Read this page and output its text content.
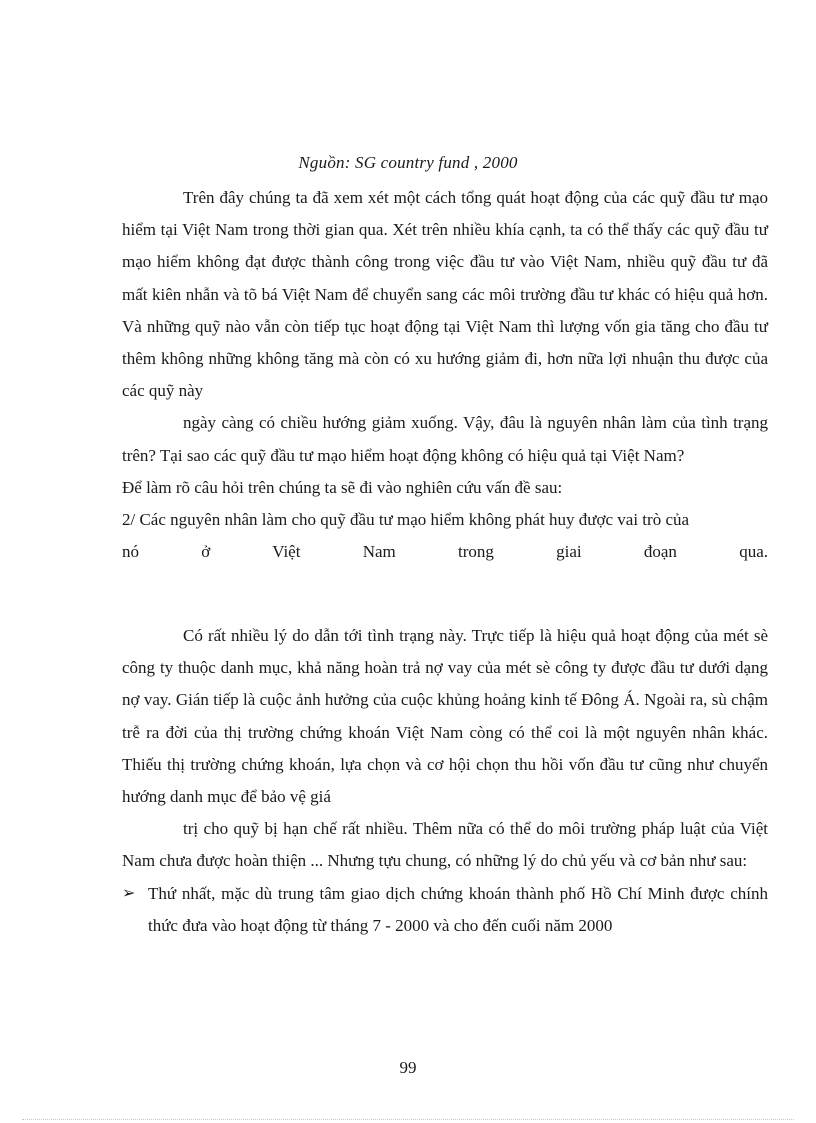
Nguồn: SG country fund , 2000

Trên đây chúng ta đã xem xét một cách tổng quát hoạt động của các quỹ đầu tư mạo hiểm tại Việt Nam trong thời gian qua. Xét trên nhiều khía cạnh, ta có thể thấy các quỹ đầu tư mạo hiểm không đạt được thành công trong việc đầu tư vào Việt Nam, nhiều quỹ đầu tư đã mất kiên nhẫn và tõ bá Việt Nam để chuyển sang các môi trường đầu tư khác có hiệu quả hơn. Và những quỹ nào vẫn còn tiếp tục hoạt động tại Việt Nam thì lượng vốn gia tăng cho đầu tư thêm không những không tăng mà còn có xu hướng giảm đi, hơn nữa lợi nhuận thu được của các quỹ này

ngày càng có chiều hướng giảm xuống. Vậy, đâu là nguyên nhân làm của tình trạng trên? Tại sao các quỹ đầu tư mạo hiểm hoạt động không có hiệu quả tại Việt Nam?

Để làm rõ câu hỏi trên chúng ta sẽ đi vào nghiên cứu vấn đề sau:

2/ Các nguyên nhân làm cho quỹ đầu tư mạo hiểm không phát huy được vai trò của

nó ở Việt Nam trong giai đoạn qua.

Có rất nhiều lý do dẫn tới tình trạng này. Trực tiếp là hiệu quả hoạt động của mét sè công ty thuộc danh mục, khả năng hoàn trả nợ vay của mét sè công ty được đầu tư dưới dạng nợ vay. Gián tiếp là cuộc ảnh hưởng của cuộc khủng hoảng kinh tế Đông Á. Ngoài ra, sù chậm trễ ra đời của thị trường chứng khoán Việt Nam còng có thể coi là một nguyên nhân khác. Thiếu thị trường chứng khoán, lựa chọn và cơ hội chọn thu hồi vốn đầu tư cũng như chuyển hướng danh mục để bảo vệ giá

trị cho quỹ bị hạn chế rất nhiều. Thêm nữa có thể do môi trường pháp luật của Việt Nam chưa được hoàn thiện ... Nhưng tựu chung, có những lý do chủ yếu và cơ bản như sau:

➢ Thứ nhất, mặc dù trung tâm giao dịch chứng khoán thành phố Hồ Chí Minh được chính thức đưa vào hoạt động từ tháng 7 - 2000 và cho đến cuối năm 2000
99
